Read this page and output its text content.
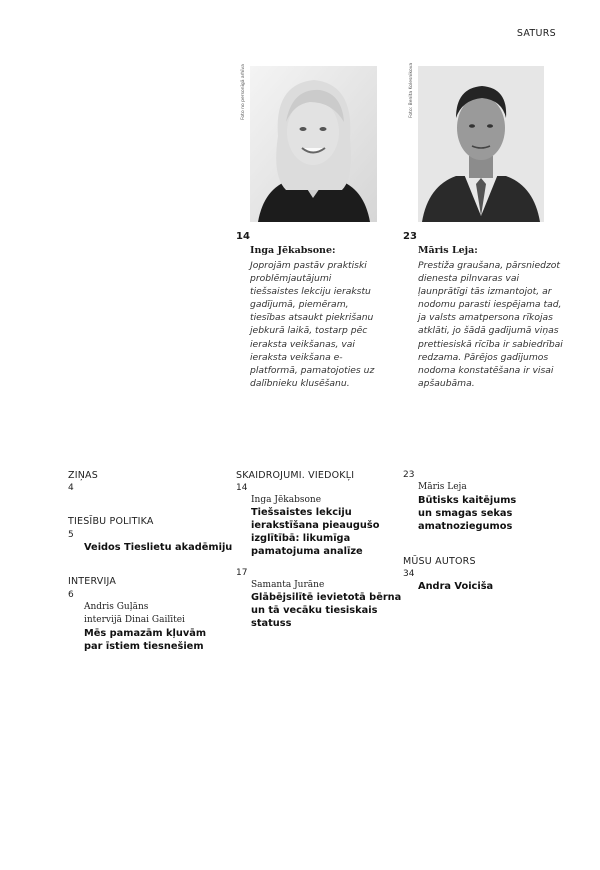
SATURS
Foto no personīgā arhīva	Foto: Benita Kolesnikova
14
Inga Jēkabsone:
Joprojām pastāv praktiski problēmjautājumi tiešsaistes lekciju ierakstu gadījumā, piemēram, tiesības atsaukt piekrišanu jebkurā laikā, tostarp pēc ieraksta veikšanas, vai ieraksta veikšana e-platformā, pamatojoties uz dalībnieku klusēšanu.
23
Māris Leja:
Prestiža graušana, pārsniedzot dienesta pilnvaras vai ļaunprātīgi tās izmantojot, ar nodomu parasti iespējama tad, ja valsts amatpersona rīkojas atklāti, jo šādā gadījumā viņas prettiesiskā rīcība ir sabiedrībai redzama. Pārējos gadījumos nodoma konstatēšana ir visai apšaubāma.
ZIŅAS
4
TIESĪBU POLITIKA
5
Veidos Tieslietu akadēmiju
INTERVIJA
6
Andris Guļāns
intervijā Dinai Gailītei
Mēs pamazām kļuvām
par īstiem tiesnešiem
SKAIDROJUMI. VIEDOKĻI
14
Inga Jēkabsone
Tiešsaistes lekciju
ierakstīšana pieaugušo
izglītībā: likumīga
pamatojuma analīze
17
Samanta Jurāne
Glābējsilītē ievietotā bērna
un tā vecāku tiesiskais
statuss
23
Māris Leja
Būtisks kaitējums
un smagas sekas
amatnoziegumos
MŪSU AUTORS
34
Andra Voiciša
